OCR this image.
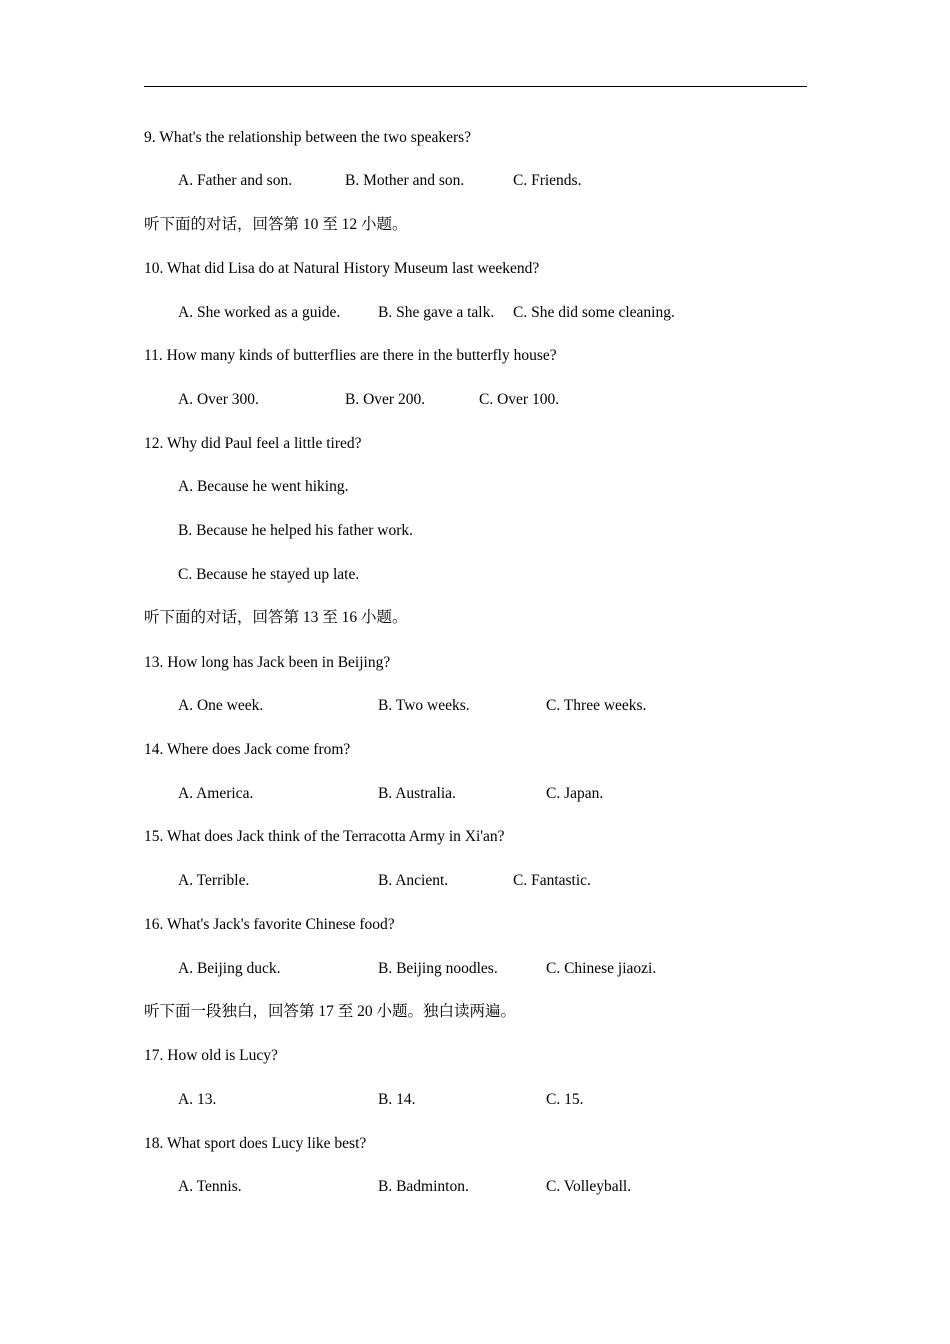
9. What's the relationship between the two speakers?
A. Father and son.	B. Mother and son.	C. Friends.
听下面的对话，回答第 10 至 12 小题。
10. What did Lisa do at Natural History Museum last weekend?
A. She worked as a guide. B. She gave a talk. C. She did some cleaning.
11. How many kinds of butterflies are there in the butterfly house?
A. Over 300.	B. Over 200.	C. Over 100.
12. Why did Paul feel a little tired?
A. Because he went hiking.
B. Because he helped his father work.
C. Because he stayed up late.
听下面的对话，回答第 13 至 16 小题。
13. How long has Jack been in Beijing?
A. One week.	B. Two weeks.	C. Three weeks.
14. Where does Jack come from?
A. America.	B. Australia.	C. Japan.
15. What does Jack think of the Terracotta Army in Xi'an?
A. Terrible.	B. Ancient.	C. Fantastic.
16. What's Jack's favorite Chinese food?
A. Beijing duck.	B. Beijing noodles.	C. Chinese jiaozi.
听下面一段独白，回答第 17 至 20 小题。独白读两遍。
17. How old is Lucy?
A. 13.	B. 14.	C. 15.
18. What sport does Lucy like best?
A. Tennis.	B. Badminton.	C. Volleyball.
